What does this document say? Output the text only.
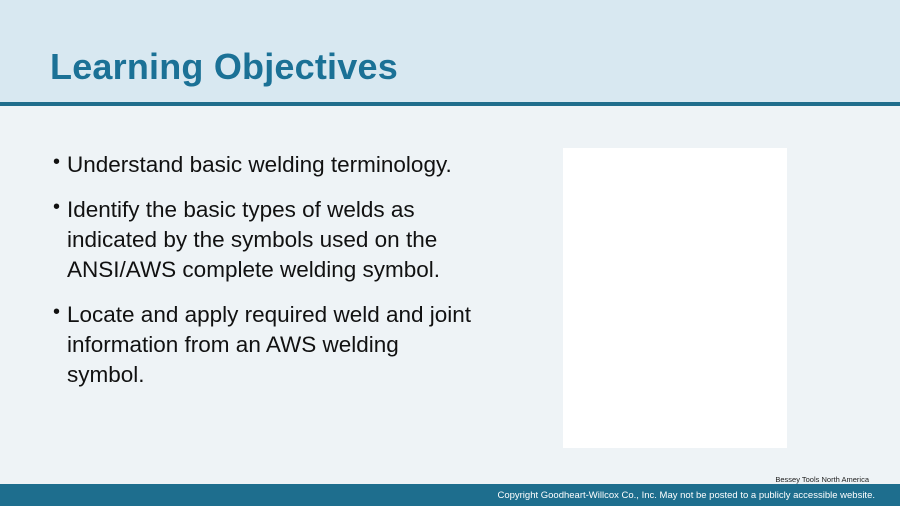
Learning Objectives
• Understand basic welding terminology.
• Identify the basic types of welds as indicated by the symbols used on the ANSI/AWS complete welding symbol.
• Locate and apply required weld and joint information from an AWS welding symbol.
Bessey Tools North America
Copyright Goodheart-Willcox Co., Inc. May not be posted to a publicly accessible website.
